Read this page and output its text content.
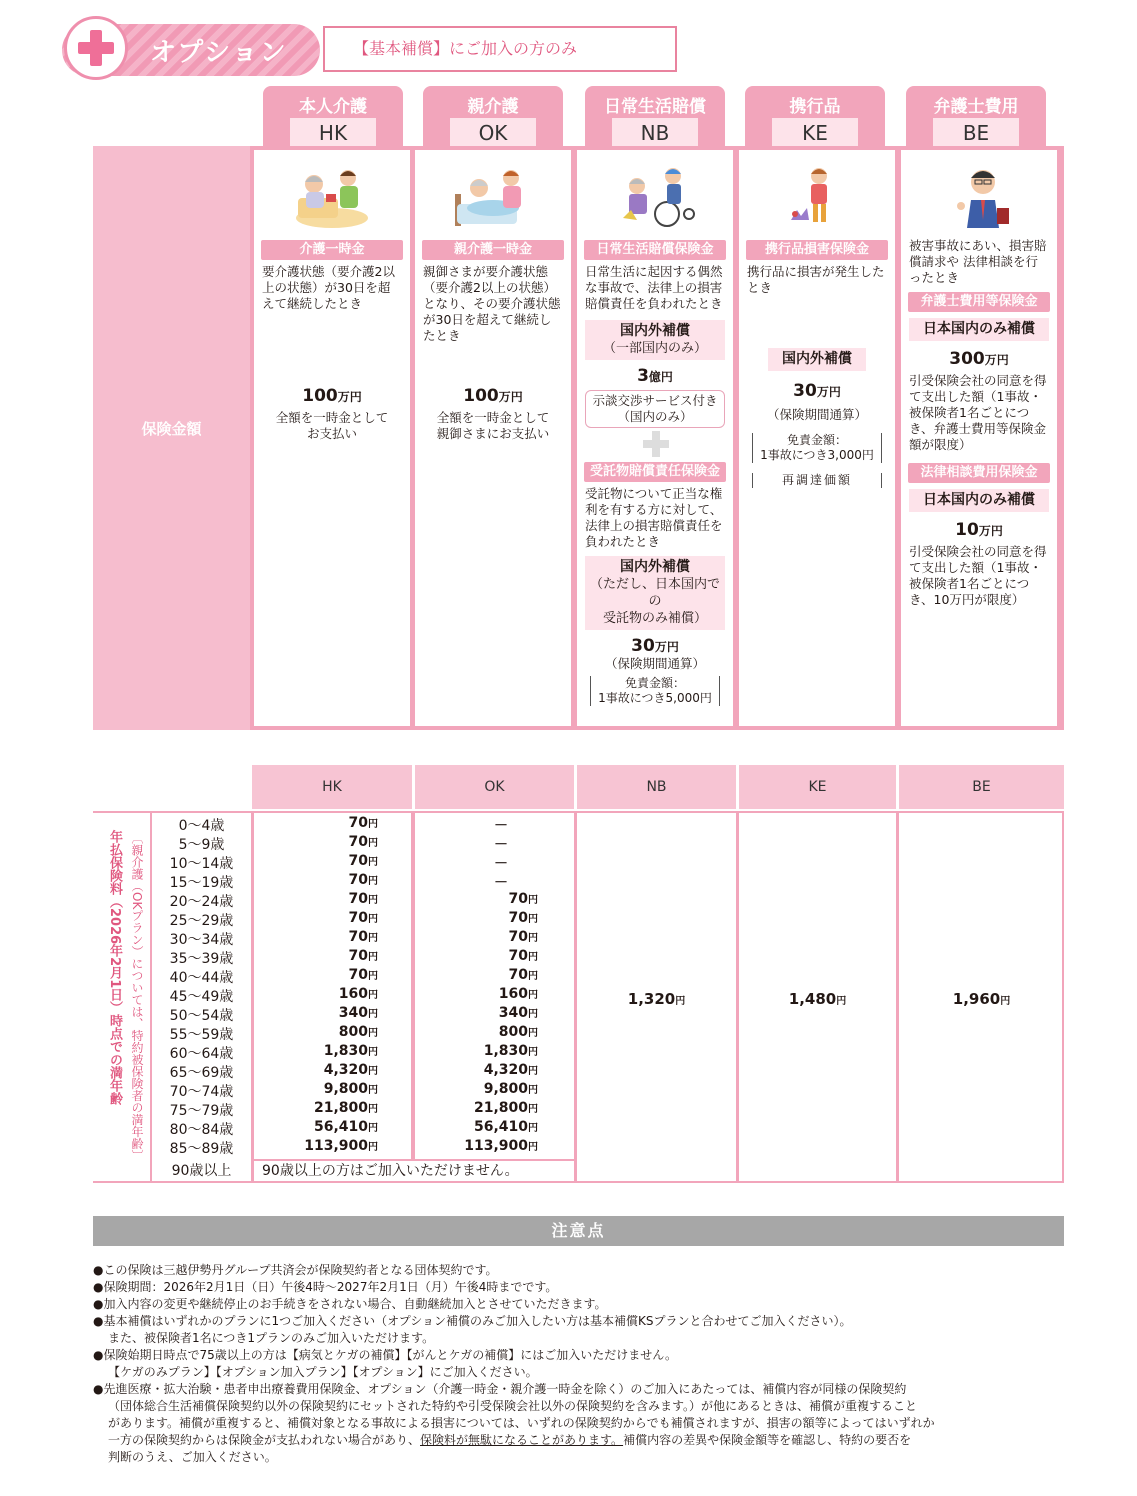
オプション	【基本補償】にご加入の方のみ
本人介護
HK
親介護
OK
日常生活賠償
NB
携行品
KE
弁護士費用
BE
保険金額
介護一時金
要介護状態（要介護2以上の状態）が30日を超えて継続したとき
100万円
全額を一時金として
お支払い
親介護一時金
親御さまが要介護状態（要介護2以上の状態）となり、その要介護状態が30日を超えて継続したとき
100万円
全額を一時金として
親御さまにお支払い
日常生活賠償保険金
日常生活に起因する偶然な事故で、法律上の損害賠償責任を負われたとき
国内外補償
（一部国内のみ）
3億円
示談交渉サービス付き
（国内のみ）
受託物賠償責任保険金
受託物について正当な権利を有する方に対して、法律上の損害賠償責任を負われたとき
国内外補償
（ただし、日本国内での
受託物のみ補償）
30万円
（保険期間通算）
免責金額：
1事故につき5,000円
携行品損害保険金
携行品に損害が発生したとき
国内外補償
30万円
（保険期間通算）
免責金額：
1事故につき3,000円
再調達価額
被害事故にあい、損害賠償請求や 法律相談を行ったとき
弁護士費用等保険金
日本国内のみ補償
300万円
引受保険会社の同意を得て支出した額（1事故・被保険者1名ごとにつき、弁護士費用等保険金額が限度）
法律相談費用保険金
日本国内のみ補償
10万円
引受保険会社の同意を得て支出した額（1事故・被保険者1名ごとにつき、10万円が限度）
HK	OK	NB	KE	BE
年払保険料（2026年2月1日）時点での満年齢 〔親介護（OKプラン）については、特約被保険者の満年齢〕
0～4歳	70円	－
5～9歳	70円	－
10～14歳	70円	－
15～19歳	70円	－
20～24歳	70円	70円
25～29歳	70円	70円
30～34歳	70円	70円
35～39歳	70円	70円
40～44歳	70円	70円
45～49歳	160円	160円
50～54歳	340円	340円
55～59歳	800円	800円
60～64歳	1,830円	1,830円
65～69歳	4,320円	4,320円
70～74歳	9,800円	9,800円
75～79歳	21,800円	21,800円
80～84歳	56,410円	56,410円
85～89歳	113,900円	113,900円
90歳以上	90歳以上の方はご加入いただけません。
1,320円	1,480円	1,960円
注意点
●この保険は三越伊勢丹グループ共済会が保険契約者となる団体契約です。
●保険期間：2026年2月1日（日）午後4時～2027年2月1日（月）午後4時までです。
●加入内容の変更や継続停止のお手続きをされない場合、自動継続加入とさせていただきます。
●基本補償はいずれかのプランに1つご加入ください（オプション補償のみご加入したい方は基本補償KSプランと合わせてご加入ください）。
また、被保険者1名につき1プランのみご加入いただけます。
●保険始期日時点で75歳以上の方は【病気とケガの補償】【がんとケガの補償】にはご加入いただけません。
【ケガのみプラン】【オプション加入プラン】【オプション】にご加入ください。
●先進医療・拡大治験・患者申出療養費用保険金、オプション（介護一時金・親介護一時金を除く）のご加入にあたっては、補償内容が同様の保険契約
（団体総合生活補償保険契約以外の保険契約にセットされた特約や引受保険会社以外の保険契約を含みます。）が他にあるときは、補償が重複すること
があります。補償が重複すると、補償対象となる事故による損害については、いずれの保険契約からでも補償されますが、損害の額等によってはいずれか
一方の保険契約からは保険金が支払われない場合があり、保険料が無駄になることがあります。補償内容の差異や保険金額等を確認し、特約の要否を
判断のうえ、ご加入ください。
